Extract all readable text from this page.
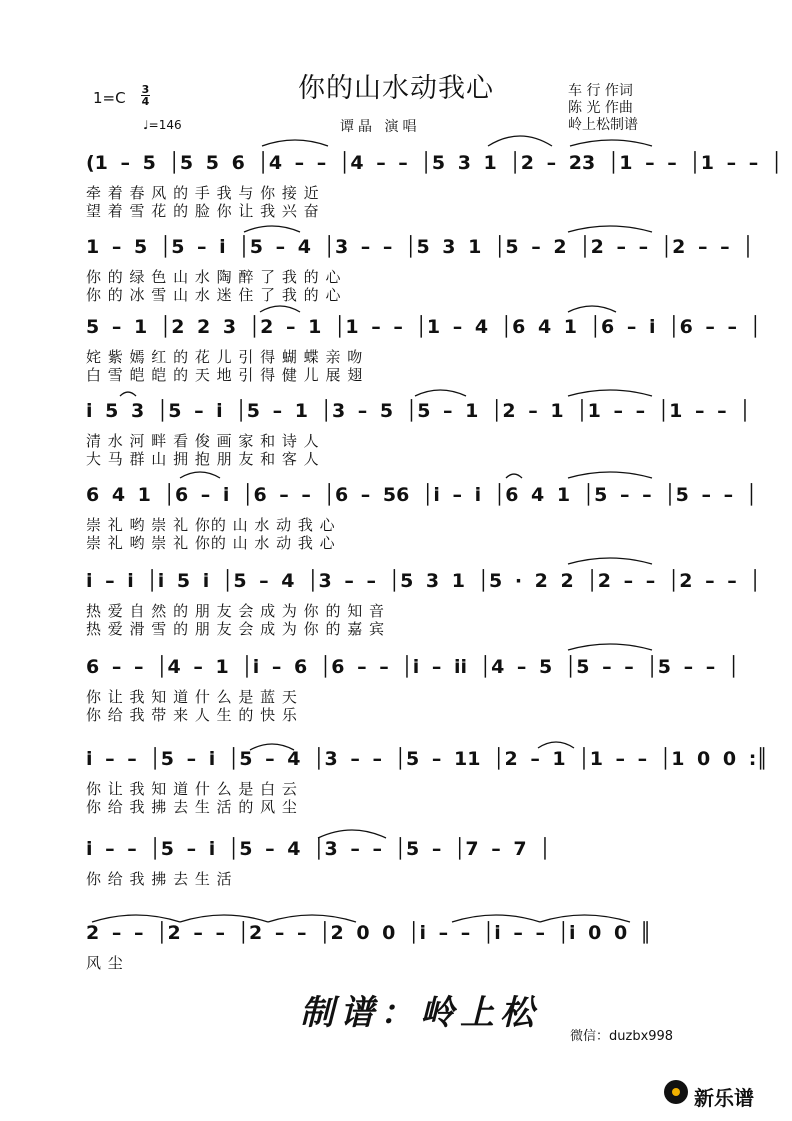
你的山水动我心
1=C 3
4
♩=146	谭晶 演唱
车 行 作词
陈 光 作曲
岭上松制谱
(1 – 5 │5 5 6 │4 – – │4 – – │5 3 1 │2 – 23 │1 – – │1 – – │
牵 着 春 风 的 手 我 与 你 接 近
望 着 雪 花 的 脸 你 让 我 兴 奋
1 – 5 │5 – i │5 – 4 │3 – – │5 3 1 │5 – 2 │2 – – │2 – – │
你 的 绿 色 山 水 陶 醉 了 我 的 心
你 的 冰 雪 山 水 迷 住 了 我 的 心
5 – 1 │2 2 3 │2 – 1 │1 – – │1 – 4 │6 4 1 │6 – i │6 – – │
姹 紫 嫣 红 的 花 儿 引 得 蝴 蝶 亲 吻
白 雪 皑 皑 的 天 地 引 得 健 儿 展 翅
i 5 3 │5 – i │5 – 1 │3 – 5 │5 – 1 │2 – 1 │1 – – │1 – – │
清 水 河 畔 看 俊 画 家 和 诗 人
大 马 群 山 拥 抱 朋 友 和 客 人
6 4 1 │6 – i │6 – – │6 – 56 │i – i │6 4 1 │5 – – │5 – – │
崇 礼 哟 崇 礼 你的 山 水 动 我 心
崇 礼 哟 崇 礼 你的 山 水 动 我 心
i – i │i 5 i │5 – 4 │3 – – │5 3 1 │5 · 2 2 │2 – – │2 – – │
热 爱 自 然 的 朋 友 会 成 为 你 的 知 音
热 爱 滑 雪 的 朋 友 会 成 为 你 的 嘉 宾
6 – – │4 – 1 │i – 6 │6 – – │i – ii │4 – 5 │5 – – │5 – – │
你 让 我 知 道 什 么 是 蓝 天
你 给 我 带 来 人 生 的 快 乐
i – – │5 – i │5 – 4 │3 – – │5 – 11 │2 – 1 │1 – – │1 0 0 :║
你 让 我 知 道 什 么 是 白 云
你 给 我 拂 去 生 活 的 风 尘
i – – │5 – i │5 – 4 │3 – – │5 – │7 – 7 │
你 给 我 拂 去 生 活
2 – – │2 – – │2 – – │2 0 0 │i – – │i – – │i 0 0 ║
风 尘
制谱：岭上松
微信：duzbx998
新乐谱
